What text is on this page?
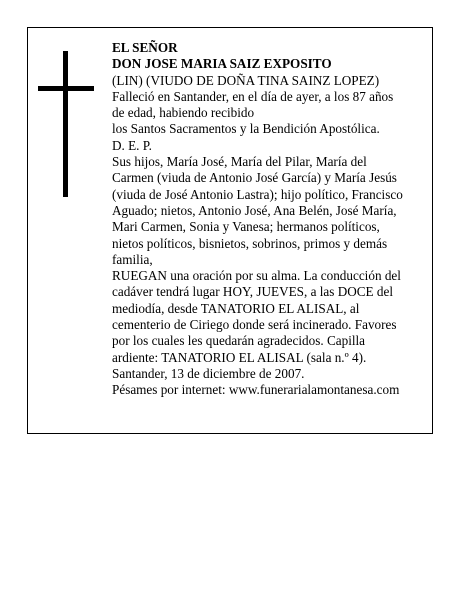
EL SEÑOR
DON JOSE MARIA SAIZ EXPOSITO
(LIN) (VIUDO DE DOÑA TINA SAINZ LOPEZ)
Falleció en Santander, en el día de ayer, a los 87 años
de edad, habiendo recibido
los Santos Sacramentos y la Bendición Apostólica.
D. E. P.
Sus hijos, María José, María del Pilar, María del
Carmen (viuda de Antonio José García) y María Jesús
(viuda de José Antonio Lastra); hijo político, Francisco
Aguado; nietos, Antonio José, Ana Belén, José María,
Mari Carmen, Sonia y Vanesa; hermanos políticos,
nietos políticos, bisnietos, sobrinos, primos y demás
familia,
RUEGAN una oración por su alma. La conducción del
cadáver tendrá lugar HOY, JUEVES, a las DOCE del
mediodía, desde TANATORIO EL ALISAL, al
cementerio de Ciriego donde será incinerado. Favores
por los cuales les quedarán agradecidos. Capilla
ardiente: TANATORIO EL ALISAL (sala n.º 4).
Santander, 13 de diciembre de 2007.
Pésames por internet: www.funerarialamontanesa.com
